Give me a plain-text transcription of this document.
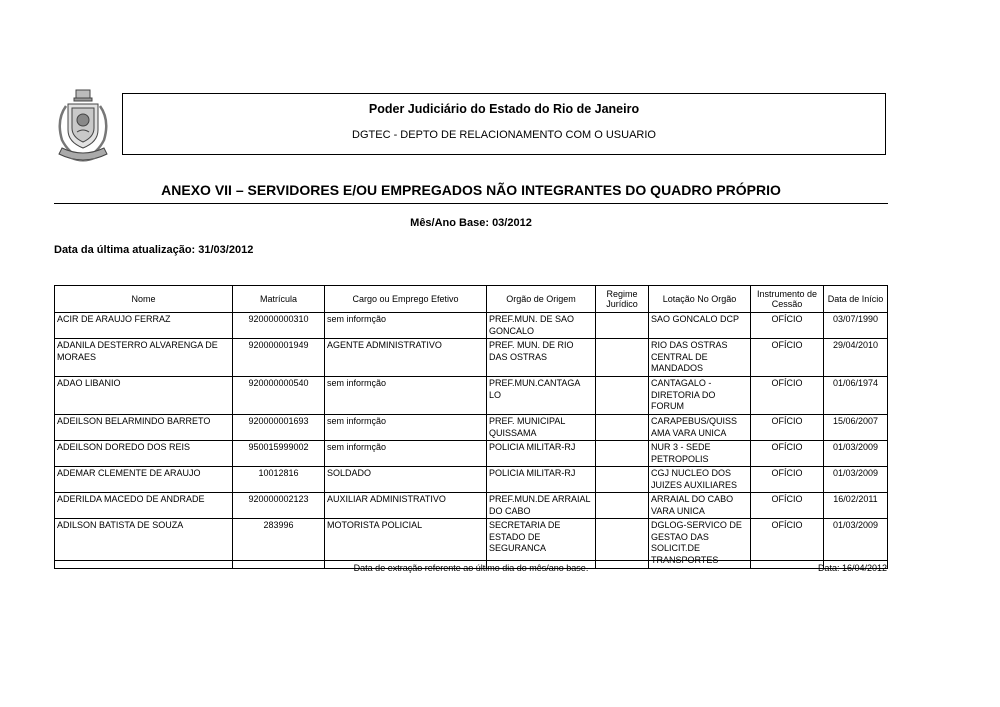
Poder Judiciário do Estado do Rio de Janeiro
DGTEC - DEPTO DE RELACIONAMENTO COM O USUARIO
ANEXO VII – SERVIDORES E/OU EMPREGADOS NÃO INTEGRANTES DO QUADRO PRÓPRIO
Mês/Ano Base: 03/2012
Data da última atualização: 31/03/2012
Nome	Matrícula	Cargo ou Emprego Efetivo	Orgão de Origem	Regime Jurídico	Lotação No Orgão	Instrumento de Cessão	Data de Início
ACIR DE ARAUJO FERRAZ	920000000310	sem informção	PREF.MUN. DE SAO GONCALO		SAO GONCALO DCP	OFÍCIO	03/07/1990
ADANILA DESTERRO ALVARENGA DE MORAES	920000001949	AGENTE ADMINISTRATIVO	PREF. MUN. DE RIO DAS OSTRAS		RIO DAS OSTRAS CENTRAL DE MANDADOS	OFÍCIO	29/04/2010
ADAO LIBANIO	920000000540	sem informção	PREF.MUN.CANTAGA LO		CANTAGALO - DIRETORIA DO FORUM	OFÍCIO	01/06/1974
ADEILSON BELARMINDO BARRETO	920000001693	sem informção	PREF. MUNICIPAL QUISSAMA		CARAPEBUS/QUISS AMA VARA UNICA	OFÍCIO	15/06/2007
ADEILSON DOREDO DOS REIS	950015999002	sem informção	POLICIA MILITAR-RJ		NUR 3 - SEDE PETROPOLIS	OFÍCIO	01/03/2009
ADEMAR CLEMENTE DE ARAUJO	10012816	SOLDADO	POLICIA MILITAR-RJ		CGJ NUCLEO DOS JUIZES AUXILIARES	OFÍCIO	01/03/2009
ADERILDA MACEDO DE ANDRADE	920000002123	AUXILIAR ADMINISTRATIVO	PREF.MUN.DE ARRAIAL DO CABO		ARRAIAL DO CABO VARA UNICA	OFÍCIO	16/02/2011
ADILSON BATISTA DE SOUZA	283996	MOTORISTA POLICIAL	SECRETARIA DE ESTADO DE SEGURANCA		DGLOG-SERVICO DE GESTAO DAS SOLICIT.DE TRANSPORTES	OFÍCIO	01/03/2009
Data de extração referente ao último dia do mês/ano base.	Data: 16/04/2012
